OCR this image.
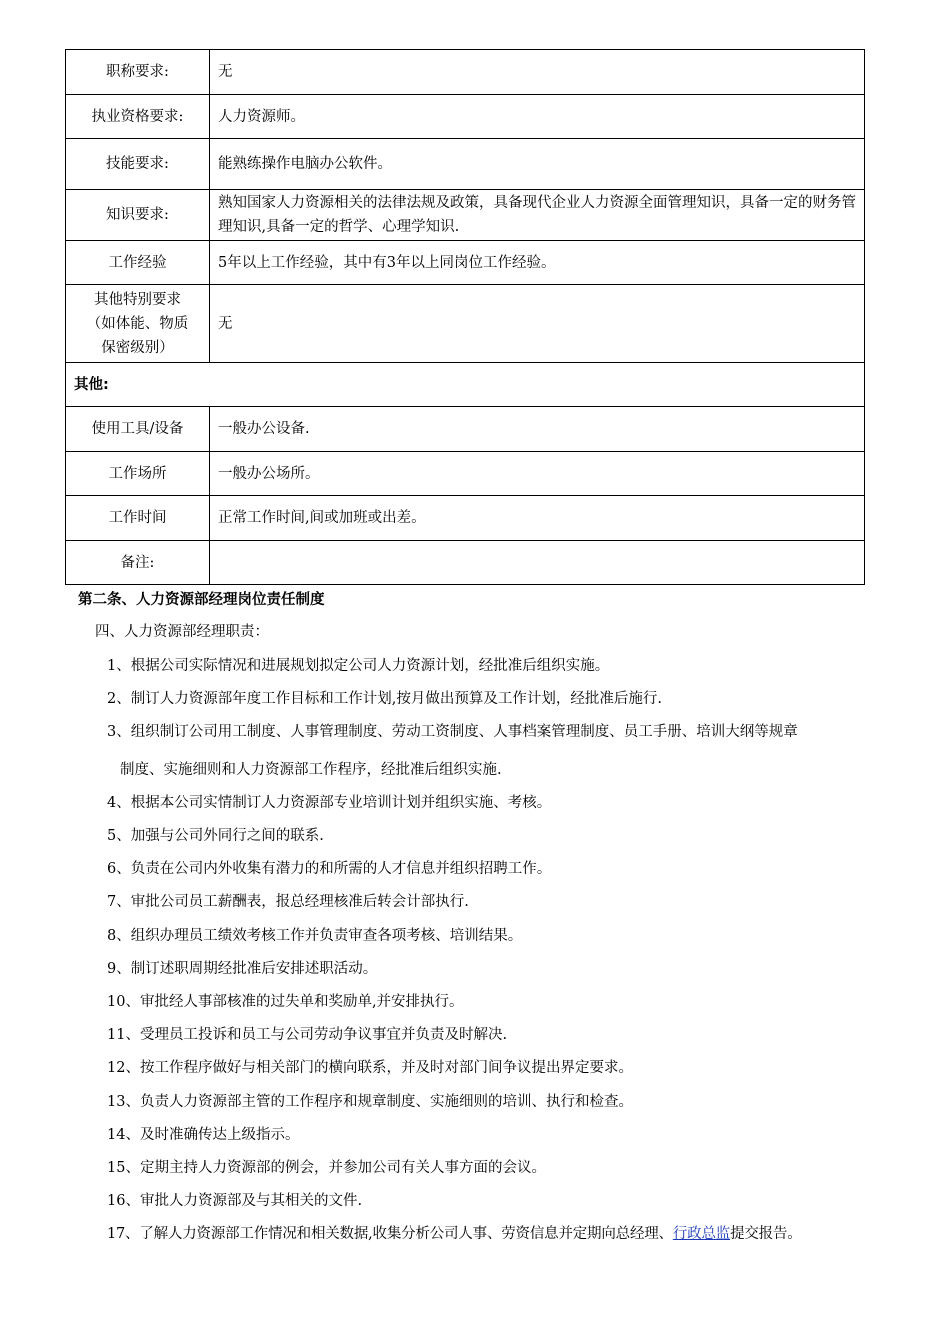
职称要求:	无
执业资格要求:	人力资源师。
技能要求:	能熟练操作电脑办公软件。
知识要求:	熟知国家人力资源相关的法律法规及政策，具备现代企业人力资源全面管理知识，具备一定的财务管理知识,具备一定的哲学、心理学知识.
工作经验	5年以上工作经验，其中有3年以上同岗位工作经验。
其他特别要求（如体能、物质保密级别）	无
其他:	
使用工具/设备	一般办公设备.
工作场所	一般办公场所。
工作时间	正常工作时间,间或加班或出差。
备注:	
第二条、人力资源部经理岗位责任制度
四、人力资源部经理职责：
1、根据公司实际情况和进展规划拟定公司人力资源计划，经批准后组织实施。
2、制订人力资源部年度工作目标和工作计划,按月做出预算及工作计划，经批准后施行.
3、组织制订公司用工制度、人事管理制度、劳动工资制度、人事档案管理制度、员工手册、培训大纲等规章
制度、实施细则和人力资源部工作程序，经批准后组织实施.
4、根据本公司实情制订人力资源部专业培训计划并组织实施、考核。
5、加强与公司外同行之间的联系.
6、负责在公司内外收集有潜力的和所需的人才信息并组织招聘工作。
7、审批公司员工薪酬表，报总经理核准后转会计部执行.
8、组织办理员工绩效考核工作并负责审查各项考核、培训结果。
9、制订述职周期经批准后安排述职活动。
10、审批经人事部核准的过失单和奖励单,并安排执行。
11、受理员工投诉和员工与公司劳动争议事宜并负责及时解决.
12、按工作程序做好与相关部门的横向联系，并及时对部门间争议提出界定要求。
13、负责人力资源部主管的工作程序和规章制度、实施细则的培训、执行和检查。
14、及时准确传达上级指示。
15、定期主持人力资源部的例会，并参加公司有关人事方面的会议。
16、审批人力资源部及与其相关的文件.
17、了解人力资源部工作情况和相关数据,收集分析公司人事、劳资信息并定期向总经理、行政总监提交报告。
